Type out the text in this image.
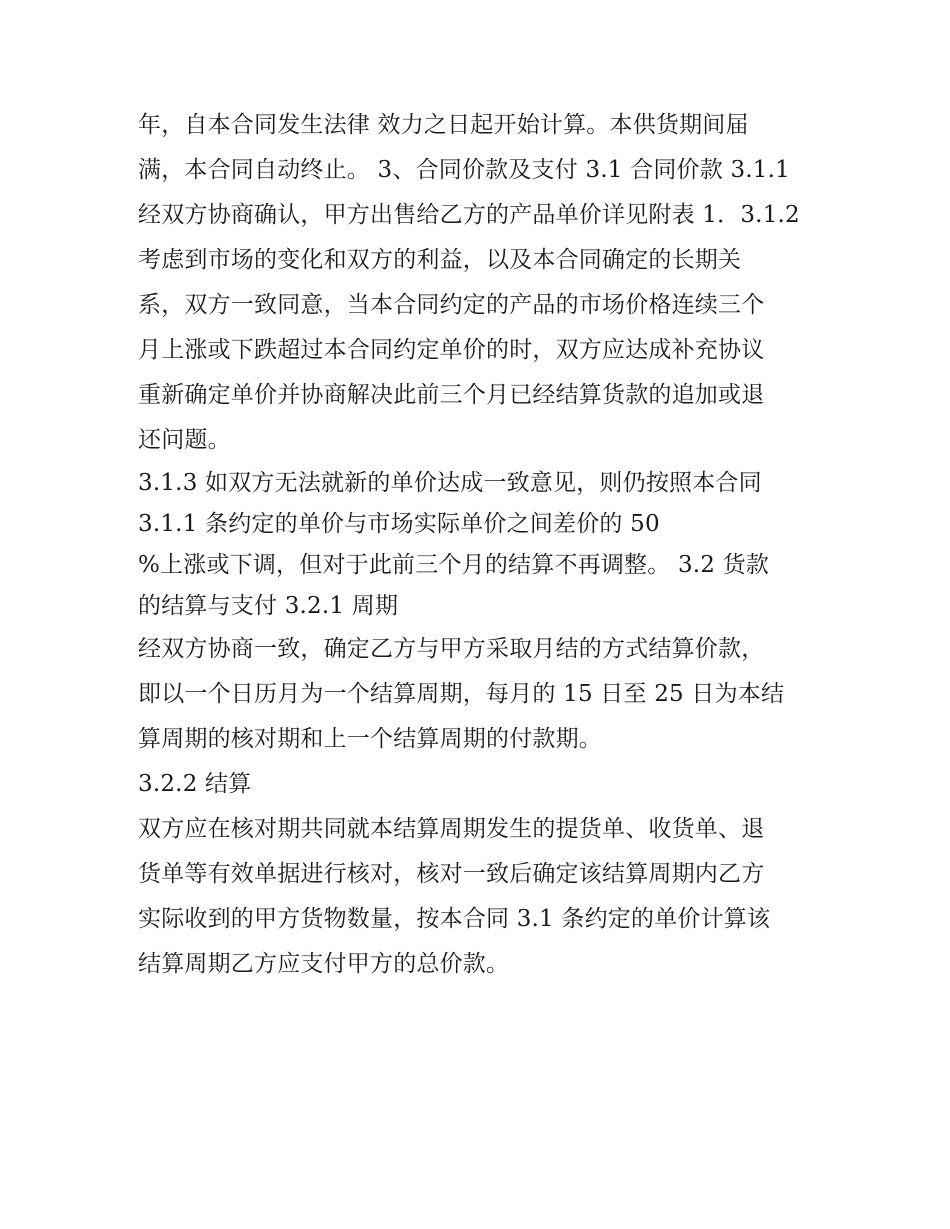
年，自本合同发生法律 效力之日起开始计算。本供货期间届
满，本合同自动终止。 3、合同价款及支付 3.1 合同价款 3.1.1
经双方协商确认，甲方出售给乙方的产品单价详见附表 1．3.1.2
考虑到市场的变化和双方的利益，以及本合同确定的长期关
系，双方一致同意，当本合同约定的产品的市场价格连续三个
月上涨或下跌超过本合同约定单价的时，双方应达成补充协议
重新确定单价并协商解决此前三个月已经结算货款的追加或退
还问题。
3.1.3 如双方无法就新的单价达成一致意见，则仍按照本合同
3.1.1 条约定的单价与市场实际单价之间差价的 50
%上涨或下调，但对于此前三个月的结算不再调整。 3.2 货款
的结算与支付 3.2.1 周期
经双方协商一致，确定乙方与甲方采取月结的方式结算价款，
即以一个日历月为一个结算周期，每月的 15 日至 25 日为本结
算周期的核对期和上一个结算周期的付款期。
3.2.2 结算
双方应在核对期共同就本结算周期发生的提货单、收货单、退
货单等有效单据进行核对，核对一致后确定该结算周期内乙方
实际收到的甲方货物数量，按本合同 3.1 条约定的单价计算该
结算周期乙方应支付甲方的总价款。
